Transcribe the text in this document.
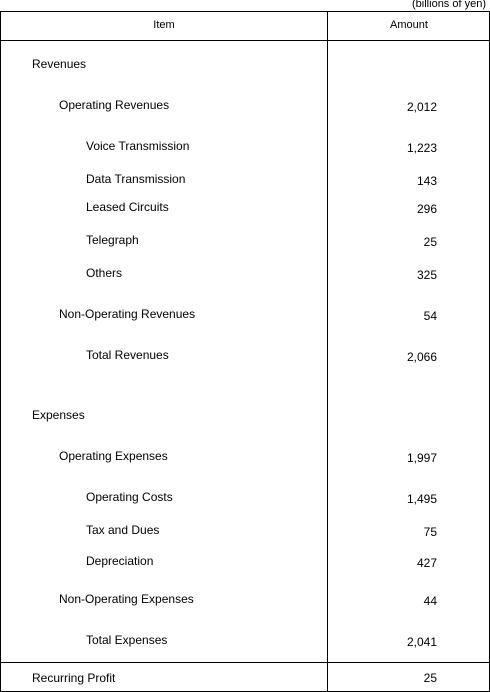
(billions of yen)
Item	Amount
Revenues
Operating Revenues	2,012
Voice Transmission	1,223
Data Transmission	143
Leased Circuits	296
Telegraph	25
Others	325
Non-Operating Revenues	54
Total Revenues	2,066
Expenses
Operating Expenses	1,997
Operating Costs	1,495
Tax and Dues	75
Depreciation	427
Non-Operating Expenses	44
Total Expenses	2,041
Recurring Profit	25
